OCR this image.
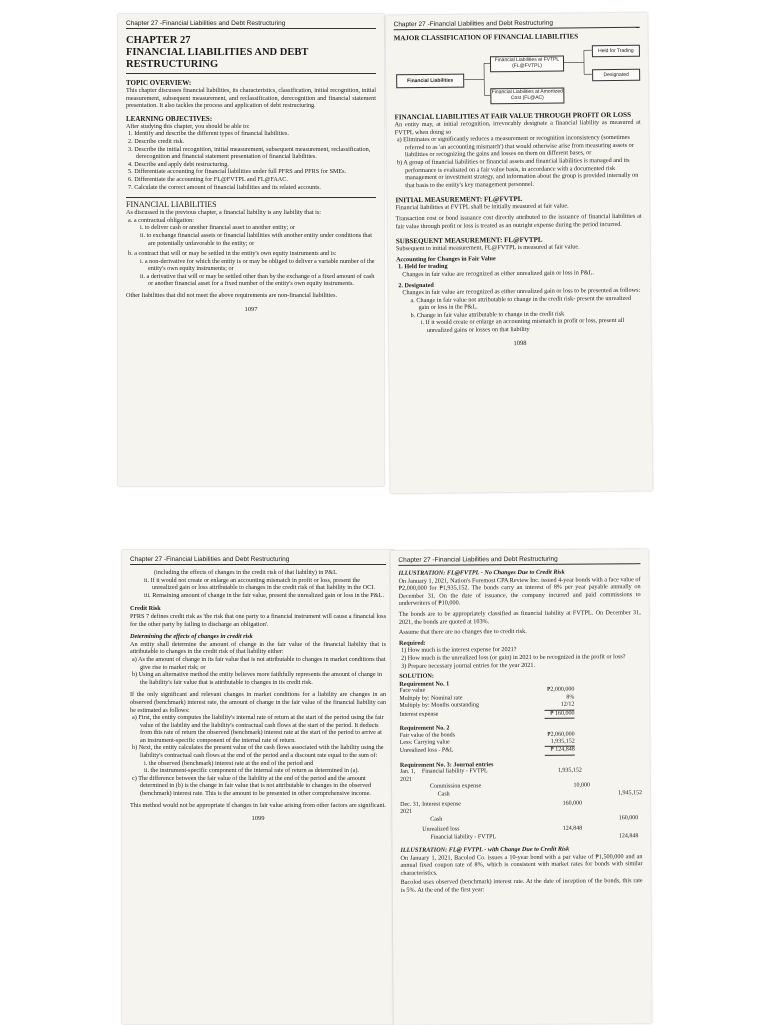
Chapter 27 -Financial Liabilities and Debt Restructuring
CHAPTER 27
FINANCIAL LIABILITIES AND DEBT
RESTRUCTURING
TOPIC OVERVIEW:
This chapter discusses financial liabilities, its characteristics, classification, initial recognition, initial measurement, subsequent measurement, and reclassification, derecognition and financial statement presentation. It also tackles the process and application of debt restructuring.
LEARNING OBJECTIVES:
After studying this chapter, you should be able to:
1. Identify and describe the different types of financial liabilities.
2. Describe credit risk.
3. Describe the initial recognition, initial measurement, subsequent measurement, reclassification, derecognition and financial statement presentation of financial liabilities.
4. Describe and apply debt restructuring.
5. Differentiate accounting for financial liabilities under full PFRS and PFRS for SMEs.
6. Differentiate the accounting for FL@FVTPL and FL@FAAC.
7. Calculate the correct amount of financial liabilities and its related accounts.
FINANCIAL LIABILITIES
As discussed in the previous chapter, a financial liability is any liability that is:
a. a contractual obligation:
i. to deliver cash or another financial asset to another entity; or
ii. to exchange financial assets or financial liabilities with another entity under conditions that are potentially unfavorable to the entity; or
b. a contract that will or may be settled in the entity's own equity instruments and is:
i. a non-derivative for which the entity is or may be obliged to deliver a variable number of the entity's own equity instruments; or
ii. a derivative that will or may be settled other than by the exchange of a fixed amount of cash or another financial asset for a fixed number of the entity's own equity instruments.
Other liabilities that did not meet the above requirements are non-financial liabilities.
1097
Chapter 27 -Financial Liabilities and Debt Restructuring
MAJOR CLASSIFICATION OF FINANCIAL LIABILITIES
Financial Liabilities
Financial Liabilities at FVTPL (FL@FVTPL)
Financial Liabilities at Amortized Cost (FL@AC)
Held for Trading
Designated
FINANCIAL LIABILITIES AT FAIR VALUE THROUGH PROFIT OR LOSS
An entity may, at initial recognition, irrevocably designate a financial liability as measured at FVTPL when doing so
a) Eliminates or significantly reduces a measurement or recognition inconsistency (sometimes referred to as 'an accounting mismatch') that would otherwise arise from measuring assets or liabilities or recognizing the gains and losses on them on different bases, or
b) A group of financial liabilities or financial assets and financial liabilities is managed and its performance is evaluated on a fair value basis, in accordance with a documented risk management or investment strategy, and information about the group is provided internally on that basis to the entity's key management personnel.
INITIAL MEASUREMENT: FL@FVTPL
Financial liabilities at FVTPL shall be initially measured at fair value.
Transaction cost or bond issuance cost directly attributed to the issuance of financial liabilities at fair value through profit or loss is treated as an outright expense during the period incurred.
SUBSEQUENT MEASUREMENT: FL@FVTPL
Subsequent to initial measurement, FL@FVTPL is measured at fair value.
Accounting for Changes in Fair Value
1. Held for trading
Changes in fair value are recognized as either unrealized gain or loss in P&L.
2. Designated
Changes in fair value are recognized as either unrealized gain or loss to be presented as follows:
a. Change in fair value not attributable to change in the credit risk- present the unrealized gain or loss in the P&L.
b. Change in fair value attributable to change in the credit risk
i. If it would create or enlarge an accounting mismatch in profit or loss, present all unrealized gains or losses on that liability
1098
Chapter 27 -Financial Liabilities and Debt Restructuring
(including the effects of changes in the credit risk of that liability) in P&L
ii. If it would not create or enlarge an accounting mismatch in profit or loss, present the unrealized gain or loss attributable to changes in the credit risk of that liability in the OCI.
iii. Remaining amount of change in the fair value, present the unrealized gain or loss in the P&L.
Credit Risk
PFRS 7 defines credit risk as 'the risk that one party to a financial instrument will cause a financial loss for the other party by failing to discharge an obligation'.
Determining the effects of changes in credit risk
An entity shall determine the amount of change in the fair value of the financial liability that is attributable to changes in the credit risk of that liability either:
a) As the amount of change in its fair value that is not attributable to changes in market conditions that give rise to market risk; or
b) Using an alternative method the entity believes more faithfully represents the amount of change in the liability's fair value that is attributable to changes in its credit risk.
If the only significant and relevant changes in market conditions for a liability are changes in an observed (benchmark) interest rate, the amount of change in the fair value of the financial liability can be estimated as follows:
a) First, the entity computes the liability's internal rate of return at the start of the period using the fair value of the liability and the liability's contractual cash flows at the start of the period. It deducts from this rate of return the observed (benchmark) interest rate at the start of the period to arrive at an instrument-specific component of the internal rate of return.
b) Next, the entity calculates the present value of the cash flows associated with the liability using the liability's contractual cash flows at the end of the period and a discount rate equal to the sum of:
i. the observed (benchmark) interest rate at the end of the period and
ii. the instrument-specific component of the internal rate of return as determined in (a).
c) The difference between the fair value of the liability at the end of the period and the amount determined in (b) is the change in fair value that is not attributable to changes in the observed (benchmark) interest rate. This is the amount to be presented in other comprehensive income.
This method would not be appropriate if changes in fair value arising from other factors are significant.
1099
Chapter 27 -Financial Liabilities and Debt Restructuring
ILLUSTRATION: FL@FVTPL - No Changes Due to Credit Risk
On January 1, 2021, Nation's Foremost CPA Review Inc. issued 4-year bonds with a face value of ₱2,000,000 for ₱1,935,152. The bonds carry an interest of 8% per year payable annually on December 31. On the date of issuance, the company incurred and paid commissions to underwriters of ₱10,000.
The bonds are to be appropriately classified as financial liability at FVTPL. On December 31, 2021, the bonds are quoted at 103%.
Assume that there are no changes due to credit risk.
Required:
1) How much is the interest expense for 2021?
2) How much is the unrealized loss (or gain) in 2021 to be recognized in the profit or loss?
3) Prepare necessary journal entries for the year 2021.
SOLUTION:
Requirement No. 1
Face value	₱2,000,000
Multiply by: Nominal rate	8%
Multiply by: Months outstanding	12/12
Interest expense	₱ 160,000
Requirement No. 2
Fair value of the bonds	₱2,060,000
Less: Carrying value	1,935,152
Unrealized loss - P&L	₱ 124,848
Requirement No. 3: Journal entries
Jan. 1, 2021
Financial liability - FVTPL	1,935,152
Commission expense	10,000
Cash	1,945,152
Dec. 31, 2021
Interest expense	160,000
Cash	160,000
Unrealized loss	124,848
Financial liability - FVTPL	124,848
ILLUSTRATION: FL@ FVTPL - with Change Due to Credit Risk
On January 1, 2021, Bacolod Co. issues a 10-year bond with a par value of ₱1,500,000 and an annual fixed coupon rate of 8%, which is consistent with market rates for bonds with similar characteristics.
Bacolod uses observed (benchmark) interest rate. At the date of inception of the bonds, this rate is 5%. At the end of the first year:
